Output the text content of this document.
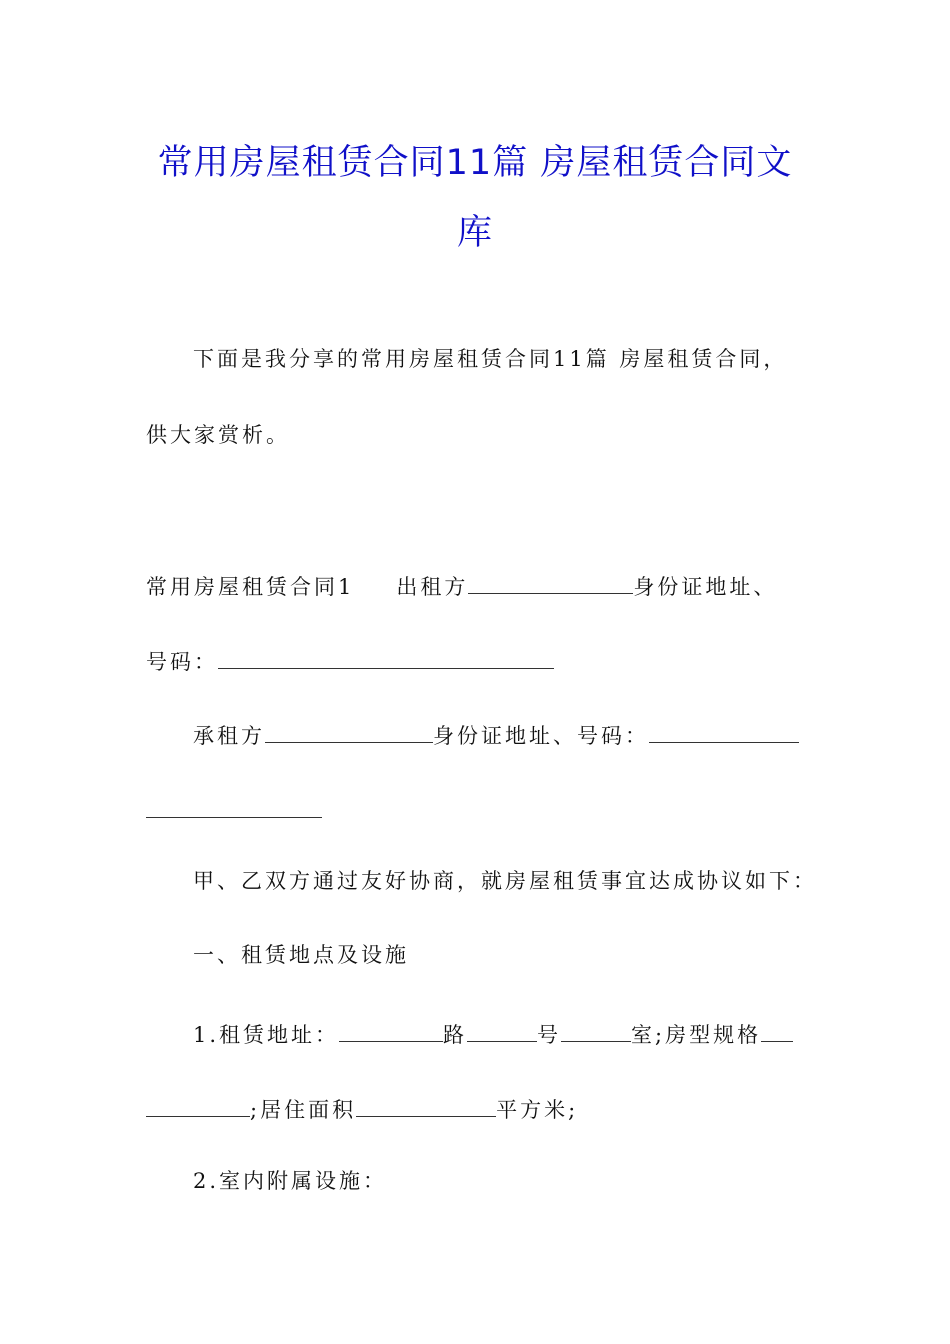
常用房屋租赁合同11篇 房屋租赁合同文
库
下面是我分享的常用房屋租赁合同11篇 房屋租赁合同，
供大家赏析。
常用房屋租赁合同1 出租方	身份证地址、
号码：
承租方	身份证地址、号码：
甲、乙双方通过友好协商，就房屋租赁事宜达成协议如下：
一、租赁地点及设施
1.租赁地址：	路	号	室;房型规格
;居住面积	平方米;
2.室内附属设施：
